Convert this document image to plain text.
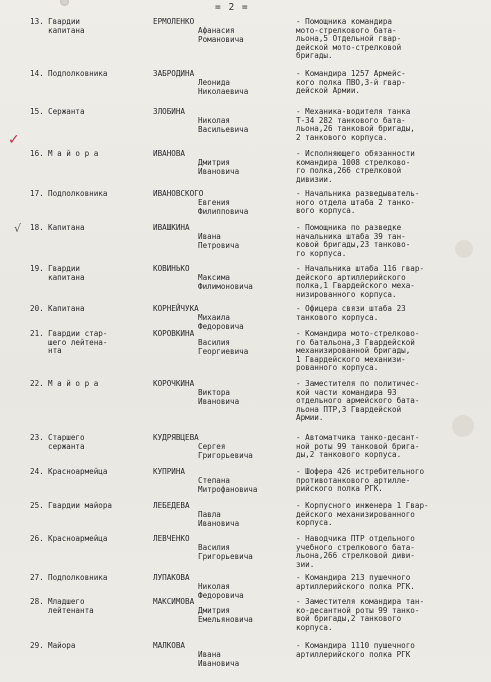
= 2 =
✓
√
13. Гвардии
капитана
ЕРМОЛЕНКО
Афанасия
Романовича
- Помощника командира
мото-стрелкового бата-
льона,5 Отдельной гвар-
дейской мото-стрелковой
бригады.
14. Подполковника	ЗАБРОДИНА
Леонида
Николаевича
- Командира 1257 Армейс-
кого полка ПВО,3-й гвар-
дейской Армии.
15. Сержанта	ЗЛОБИНА
Николая
Васильевича
- Механика-водителя танка
Т-34 282 танкового бата-
льона,26 танковой бригады,
2 танкового корпуса.
16. М а й о р а	ИВАНОВА
Дмитрия
Ивановича
- Исполняющего обязанности
командира 1008 стрелково-
го полка,266 стрелковой
дивизии.
17. Подполковника	ИВАНОВСКОГО
Евгения
Филипповича
- Начальника разведыватель-
ного отдела штаба 2 танко-
вого корпуса.
18. Капитана	ИВАШКИНА
Ивана
Петровича
- Помощника по разведке
начальника штаба 39 тан-
ковой бригады,23 танково-
го корпуса.
19. Гвардии
капитана
КОВИНЬКО
Максима
Филимоновича
- Начальника штаба 116 гвар-
дейского артиллерийского
полка,1 Гвардейского меха-
низированного корпуса.
20. Капитана	КОРНЕЙЧУКА
Михаила
Федоровича
- Офицера связи штаба 23
танкового корпуса.
21. Гвардии стар-
шего лейтена-
нта
КОРОВКИНА
Василия
Георгиевича
- Командира мото-стрелково-
го батальона,3 Гвардейской
механизированной бригады,
1 Гвардейского механизи-
рованного корпуса.
22. М а й о р а	КОРОЧКИНА
Виктора
Ивановича
- Заместителя по политичес-
кой части командира 93
отдельного армейского бата-
льона ПТР,3 Гвардейской
Армии.
23. Старшего
сержанта
КУДРЯВЦЕВА
Сергея
Григорьевича
- Автоматчика танко-десант-
ной роты 99 танковой брига-
ды,2 танкового корпуса.
24. Красноармейца	КУПРИНА
Степана
Митрофановича
- Шофера 426 истребительного
противотанкового артилле-
рийского полка РГК.
25. Гвардии майора	ЛЕБЕДЕВА
Павла
Ивановича
- Корпусного инженера 1 Гвар-
дейского механизированного
корпуса.
26. Красноармейца	ЛЕВЧЕНКО
Василия
Григорьевича
- Наводчика ПТР отдельного
учебного стрелкового бата-
льона,266 стрелковой диви-
зии.
27. Подполковника	ЛУПАКОВА
Николая
Федоровича
- Командира 213 пушечного
артиллерийского полка РГК.
28. Младшего
лейтенанта
МАКСИМОВА
Дмитрия
Емельяновича
- Заместителя командира тан-
ко-десантной роты 99 танко-
вой бригады,2 танкового
корпуса.
29. Майора	МАЛКОВА
Ивана
Ивановича
- Командира 1110 пушечного
артиллерийского полка РГК
